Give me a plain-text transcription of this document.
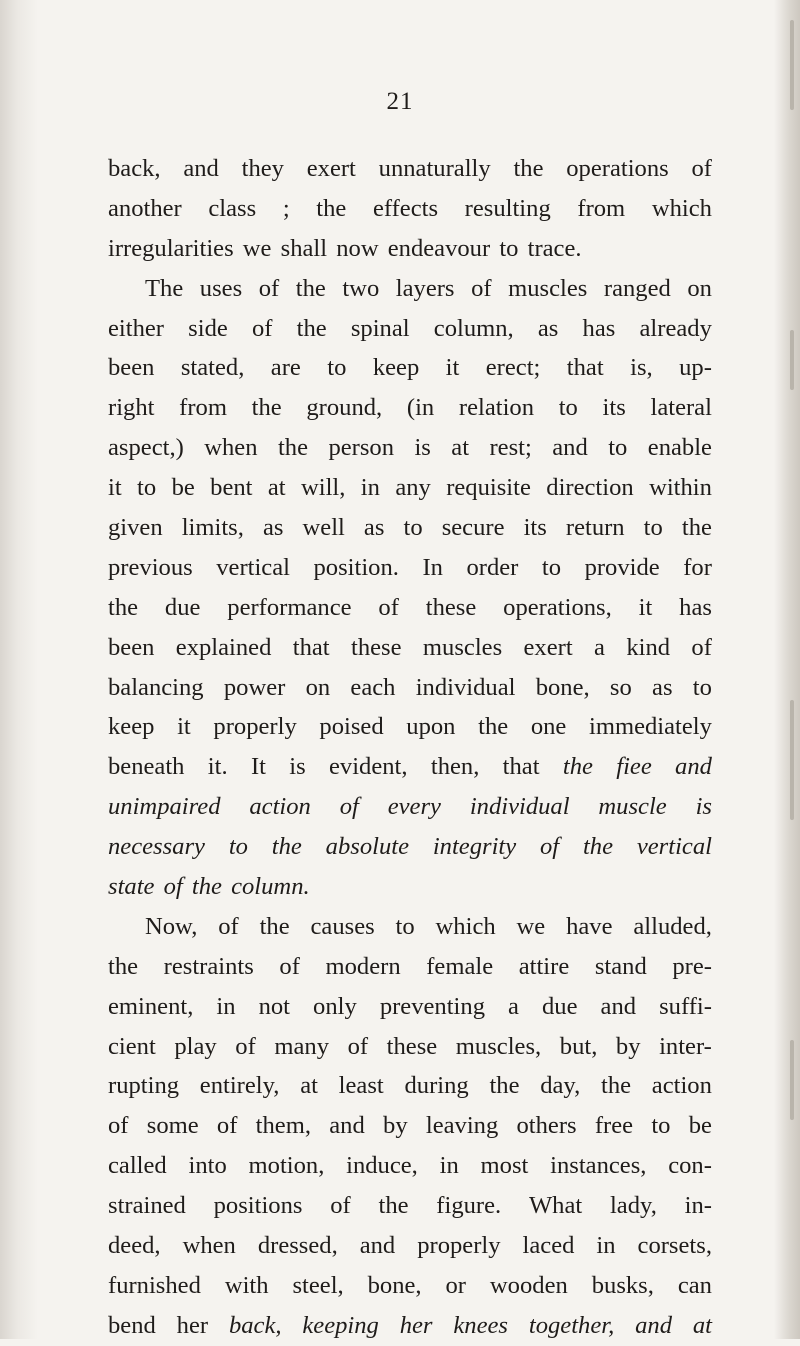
21
back, and they exert unnaturally the operations of
another class ; the effects resulting from which
irregularities we shall now endeavour to trace.
The uses of the two layers of muscles ranged on
either side of the spinal column, as has already
been stated, are to keep it erect; that is, up-
right from the ground, (in relation to its lateral
aspect,) when the person is at rest; and to enable
it to be bent at will, in any requisite direction within
given limits, as well as to secure its return to the
previous vertical position. In order to provide for
the due performance of these operations, it has
been explained that these muscles exert a kind of
balancing power on each individual bone, so as to
keep it properly poised upon the one immediately
beneath it. It is evident, then, that the fiee and
unimpaired action of every individual muscle is
necessary to the absolute integrity of the vertical
state of the column.
Now, of the causes to which we have alluded,
the restraints of modern female attire stand pre-
eminent, in not only preventing a due and suffi-
cient play of many of these muscles, but, by inter-
rupting entirely, at least during the day, the action
of some of them, and by leaving others free to be
called into motion, induce, in most instances, con-
strained positions of the figure. What lady, in-
deed, when dressed, and properly laced in corsets,
furnished with steel, bone, or wooden busks, can
bend her back, keeping her knees together, and at
